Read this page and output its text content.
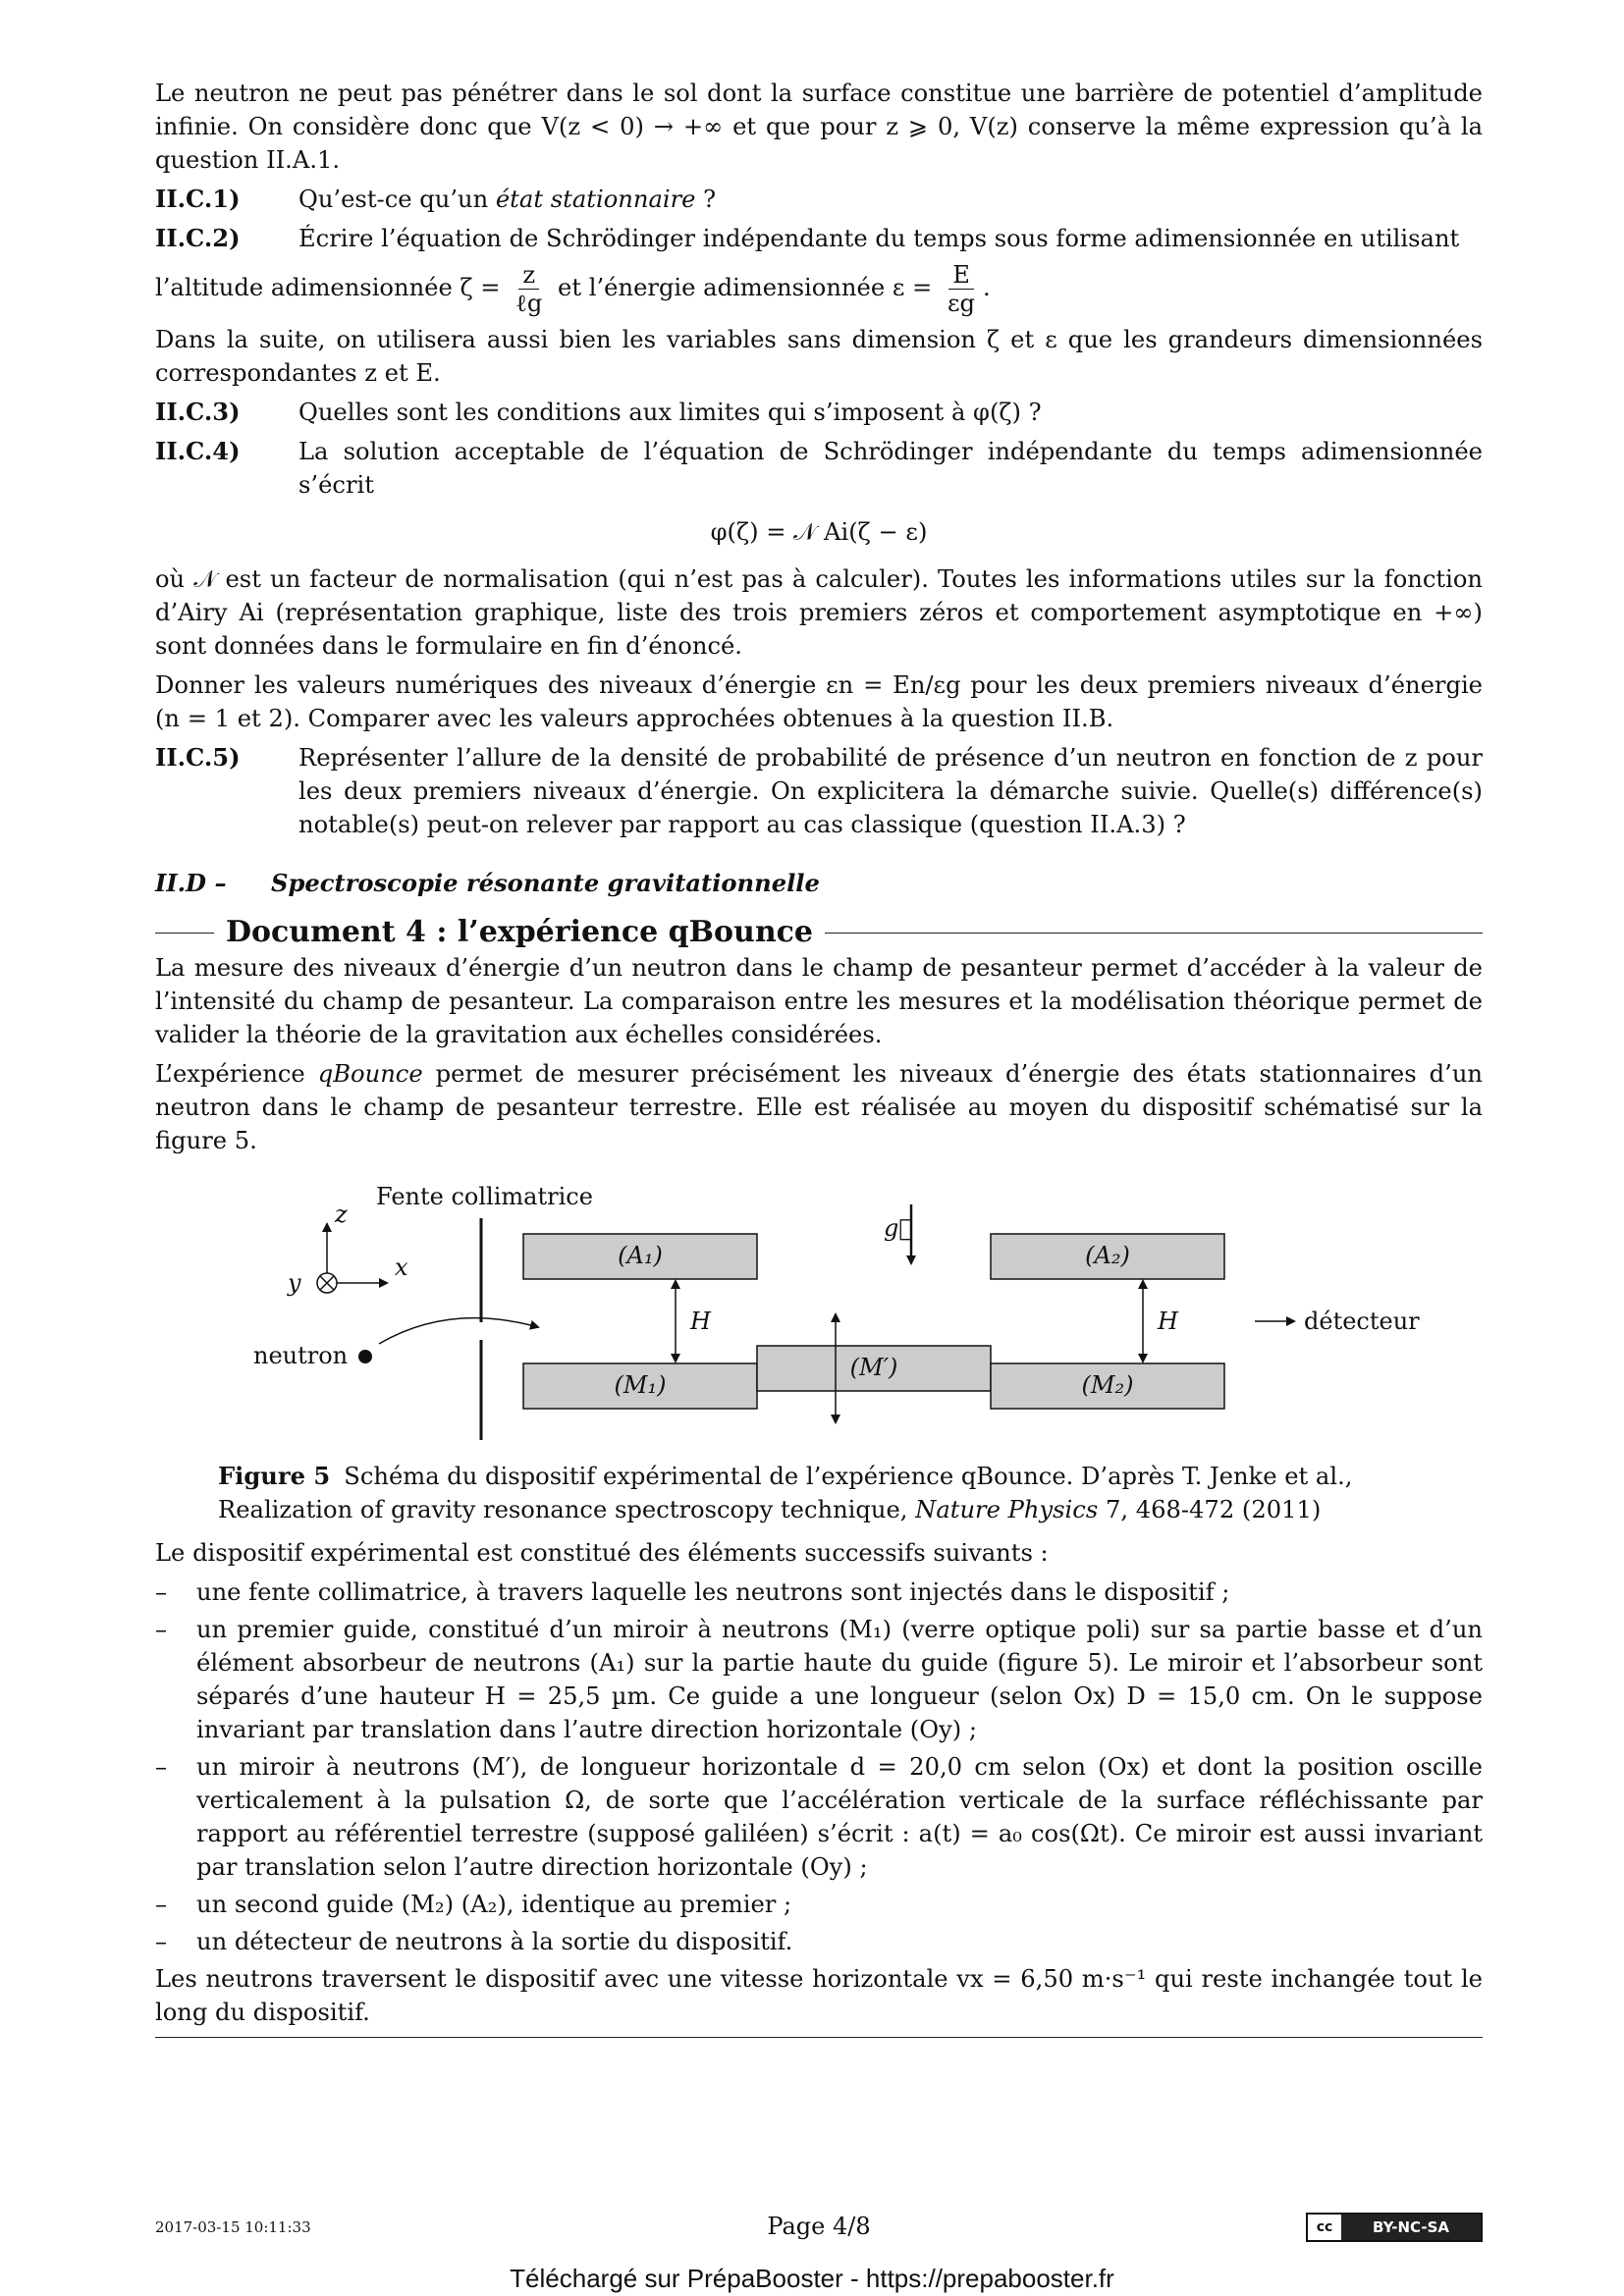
Le neutron ne peut pas pénétrer dans le sol dont la surface constitue une barrière de potentiel d’amplitude infinie. On considère donc que V(z < 0) → +∞ et que pour z ⩾ 0, V(z) conserve la même expression qu’à la question II.A.1.

II.C.1)	Qu’est-ce qu’un état stationnaire ?
II.C.2)	Écrire l’équation de Schrödinger indépendante du temps sous forme adimensionnée en utilisant

l’altitude adimensionnée $\zeta = \frac{z}{\text{ℓg}}$ et l’énergie adimensionnée $\varepsilon = \frac{E}{\varepsilon g}$ .

Dans la suite, on utilisera aussi bien les variables sans dimension ζ et ε que les grandeurs dimensionnées correspondantes z et E.

II.C.3)	Quelles sont les conditions aux limites qui s’imposent à φ(ζ) ?
II.C.4)	La solution acceptable de l’équation de Schrödinger indépendante du temps adimensionnée s’écrit
φ(ζ) = 𝒩 Ai(ζ − ε)

où 𝒩 est un facteur de normalisation (qui n’est pas à calculer). Toutes les informations utiles sur la fonction d’Airy Ai (représentation graphique, liste des trois premiers zéros et comportement asymptotique en +∞) sont données dans le formulaire en fin d’énoncé.

Donner les valeurs numériques des niveaux d’énergie εn = En/εg pour les deux premiers niveaux d’énergie (n = 1 et 2). Comparer avec les valeurs approchées obtenues à la question II.B.

II.C.5)	Représenter l’allure de la densité de probabilité de présence d’un neutron en fonction de z pour les deux premiers niveaux d’énergie. On explicitera la démarche suivie. Quelle(s) différence(s) notable(s) peut-on relever par rapport au cas classique (question II.A.3) ?
II.D – Spectroscopie résonante gravitationnelle
Document 4 : l’expérience qBounce

La mesure des niveaux d’énergie d’un neutron dans le champ de pesanteur permet d’accéder à la valeur de l’intensité du champ de pesanteur. La comparaison entre les mesures et la modélisation théorique permet de valider la théorie de la gravitation aux échelles considérées.

L’expérience qBounce permet de mesurer précisément les niveaux d’énergie des états stationnaires d’un neutron dans le champ de pesanteur terrestre. Elle est réalisée au moyen du dispositif schématisé sur la figure 5.

z
x
y
Fente collimatrice
neutron
(A₁)
(M₁)
(M′)
(A₂)
(M₂)
H	H
g⃗
détecteur
Figure 5 Schéma du dispositif expérimental de l’expérience qBounce. D’après T. Jenke et al., Realization of gravity resonance spectroscopy technique, Nature Physics 7, 468-472 (2011)

Le dispositif expérimental est constitué des éléments successifs suivants :

–	une fente collimatrice, à travers laquelle les neutrons sont injectés dans le dispositif ;
–	un premier guide, constitué d’un miroir à neutrons (M₁) (verre optique poli) sur sa partie basse et d’un élément absorbeur de neutrons (A₁) sur la partie haute du guide (figure 5). Le miroir et l’absorbeur sont séparés d’une hauteur H = 25,5 µm. Ce guide a une longueur (selon Ox) D = 15,0 cm. On le suppose invariant par translation dans l’autre direction horizontale (Oy) ;
–	un miroir à neutrons (M′), de longueur horizontale d = 20,0 cm selon (Ox) et dont la position oscille verticalement à la pulsation Ω, de sorte que l’accélération verticale de la surface réfléchissante par rapport au référentiel terrestre (supposé galiléen) s’écrit : a(t) = a₀ cos(Ωt). Ce miroir est aussi invariant par translation selon l’autre direction horizontale (Oy) ;
–	un second guide (M₂) (A₂), identique au premier ;
–	un détecteur de neutrons à la sortie du dispositif.

Les neutrons traversent le dispositif avec une vitesse horizontale vx = 6,50 m·s⁻¹ qui reste inchangée tout le long du dispositif.

2017-03-15 10:11:33	Page 4/8	cc	BY-NC-SA
Téléchargé sur PrépaBooster - https://prepabooster.fr
